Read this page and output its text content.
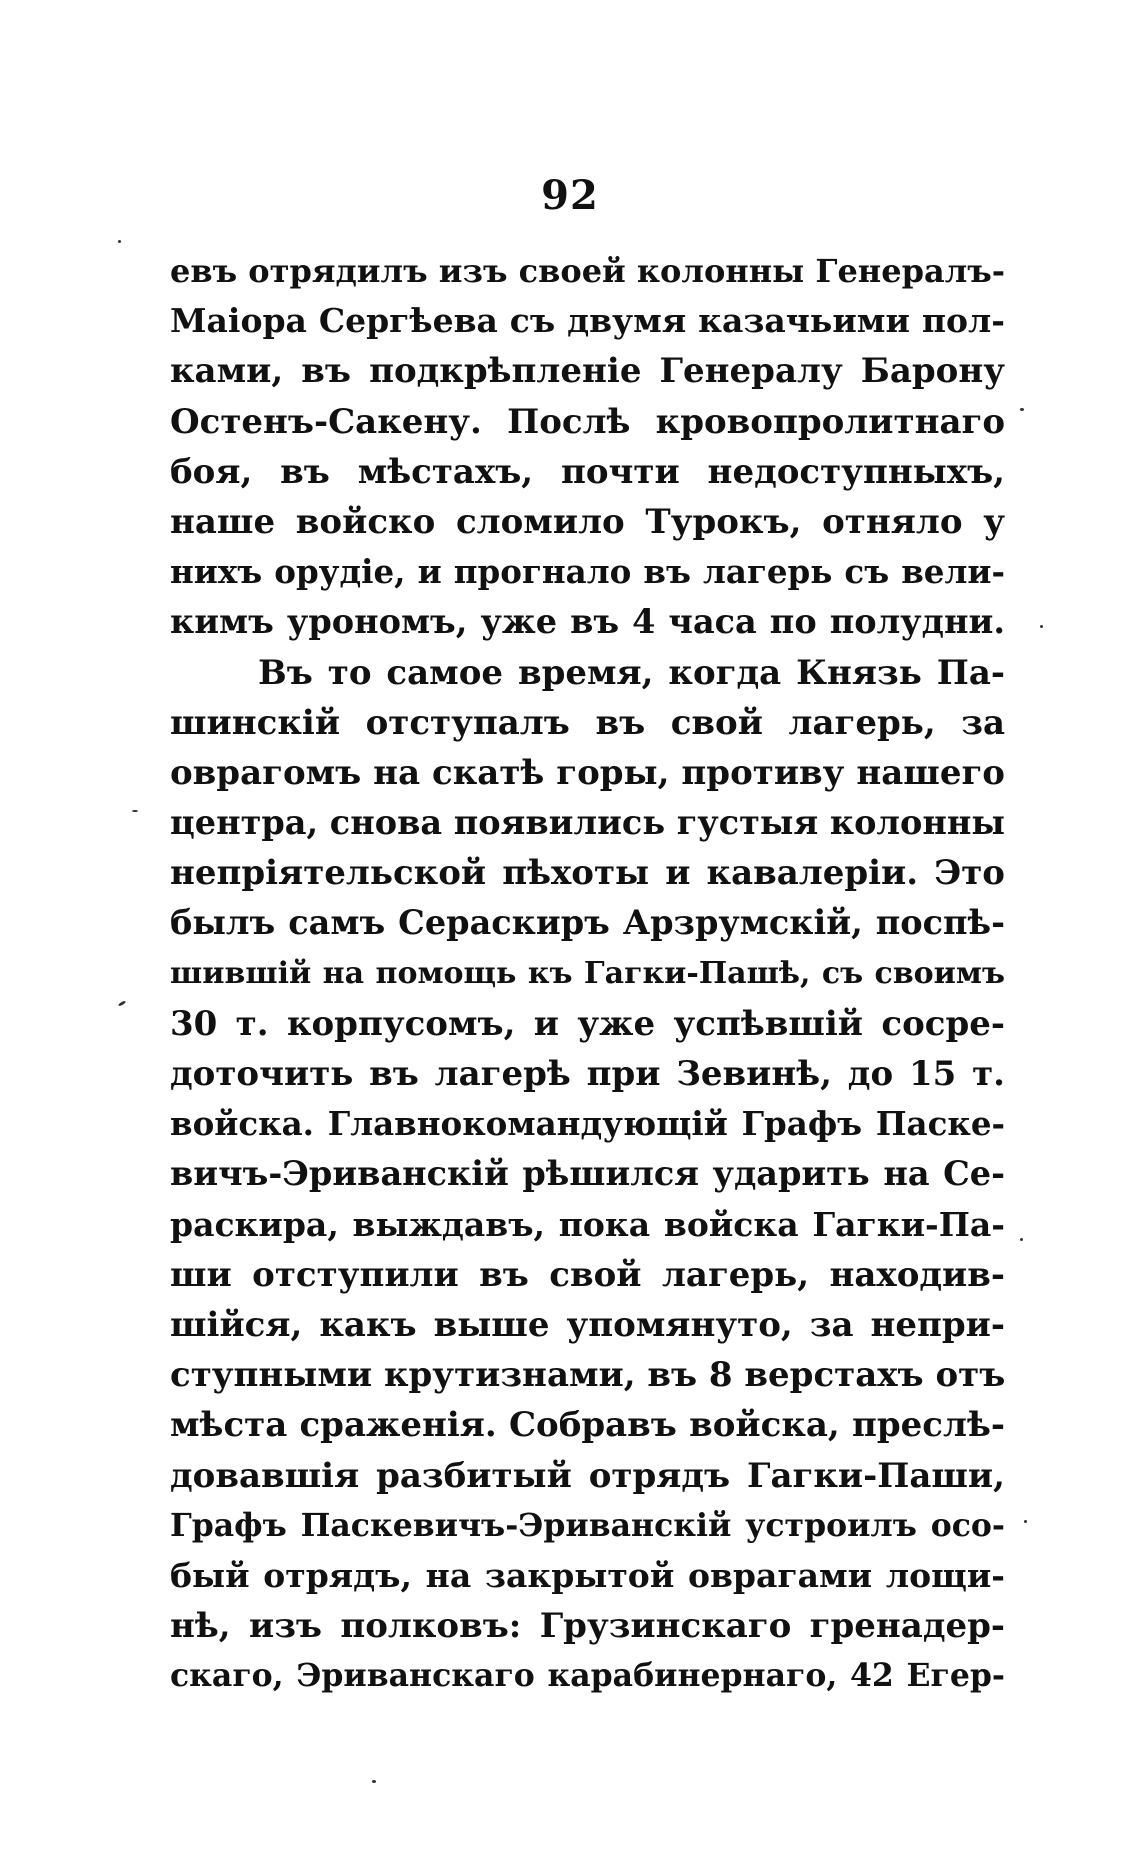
92
евъ отрядилъ изъ своей колонны Генералъ-
Маіора Сергѣева съ двумя казачьими пол-
ками, въ подкрѣпленіе Генералу Барону
Остенъ-Сакену. Послѣ кровопролитнаго
боя, въ мѣстахъ, почти недоступныхъ,
наше войско сломило Турокъ, отняло у
нихъ орудіе, и прогнало въ лагерь съ вели-
кимъ урономъ, уже въ 4 часа по полудни.
Въ то самое время, когда Князь Па-
шинскій отступалъ въ свой лагерь, за
оврагомъ на скатѣ горы, противу нашего
центра, снова появились густыя колонны
непріятельской пѣхоты и кавалеріи. Это
былъ самъ Сераскиръ Арзрумскій, поспѣ-
шившій на помощь къ Гагки-Пашѣ, съ своимъ
30 т. корпусомъ, и уже успѣвшій сосре-
доточить въ лагерѣ при Зевинѣ, до 15 т.
войска. Главнокомандующій Графъ Паске-
вичъ-Эриванскій рѣшился ударить на Се-
раскира, выждавъ, пока войска Гагки-Па-
ши отступили въ свой лагерь, находив-
шійся, какъ выше упомянуто, за непри-
ступными крутизнами, въ 8 верстахъ отъ
мѣста сраженія. Собравъ войска, преслѣ-
довавшія разбитый отрядъ Гагки-Паши,
Графъ Паскевичъ-Эриванскій устроилъ осо-
бый отрядъ, на закрытой оврагами лощи-
нѣ, изъ полковъ: Грузинскаго гренадер-
скаго, Эриванскаго карабинернаго, 42 Егер-
